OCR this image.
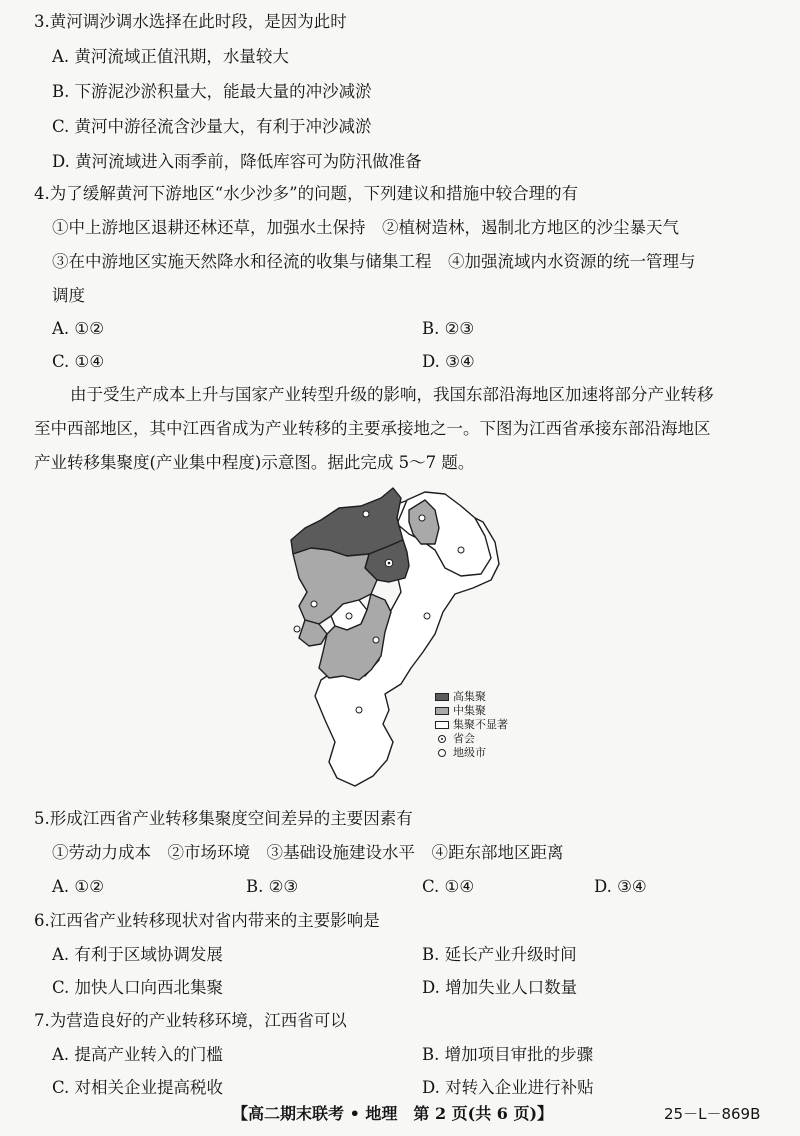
3.黄河调沙调水选择在此时段，是因为此时
A. 黄河流域正值汛期，水量较大
B. 下游泥沙淤积量大，能最大量的冲沙减淤
C. 黄河中游径流含沙量大，有利于冲沙减淤
D. 黄河流域进入雨季前，降低库容可为防汛做准备
4.为了缓解黄河下游地区“水少沙多”的问题，下列建议和措施中较合理的有
①中上游地区退耕还林还草，加强水土保持　②植树造林，遏制北方地区的沙尘暴天气
③在中游地区实施天然降水和径流的收集与储集工程　④加强流域内水资源的统一管理与
调度
A. ①②	B. ②③
C. ①④	D. ③④
由于受生产成本上升与国家产业转型升级的影响，我国东部沿海地区加速将部分产业转移
至中西部地区，其中江西省成为产业转移的主要承接地之一。下图为江西省承接东部沿海地区
产业转移集聚度(产业集中程度)示意图。据此完成 5～7 题。
高集聚
中集聚
集聚不显著
省会
地级市
5.形成江西省产业转移集聚度空间差异的主要因素有
①劳动力成本　②市场环境　③基础设施建设水平　④距东部地区距离
A. ①②	B. ②③	C. ①④	D. ③④
6.江西省产业转移现状对省内带来的主要影响是
A. 有利于区域协调发展	B. 延长产业升级时间
C. 加快人口向西北集聚	D. 增加失业人口数量
7.为营造良好的产业转移环境，江西省可以
A. 提高产业转入的门槛	B. 增加项目审批的步骤
C. 对相关企业提高税收	D. 对转入企业进行补贴
【高二期末联考 • 地理　第 2 页(共 6 页)】	25－L－869B
